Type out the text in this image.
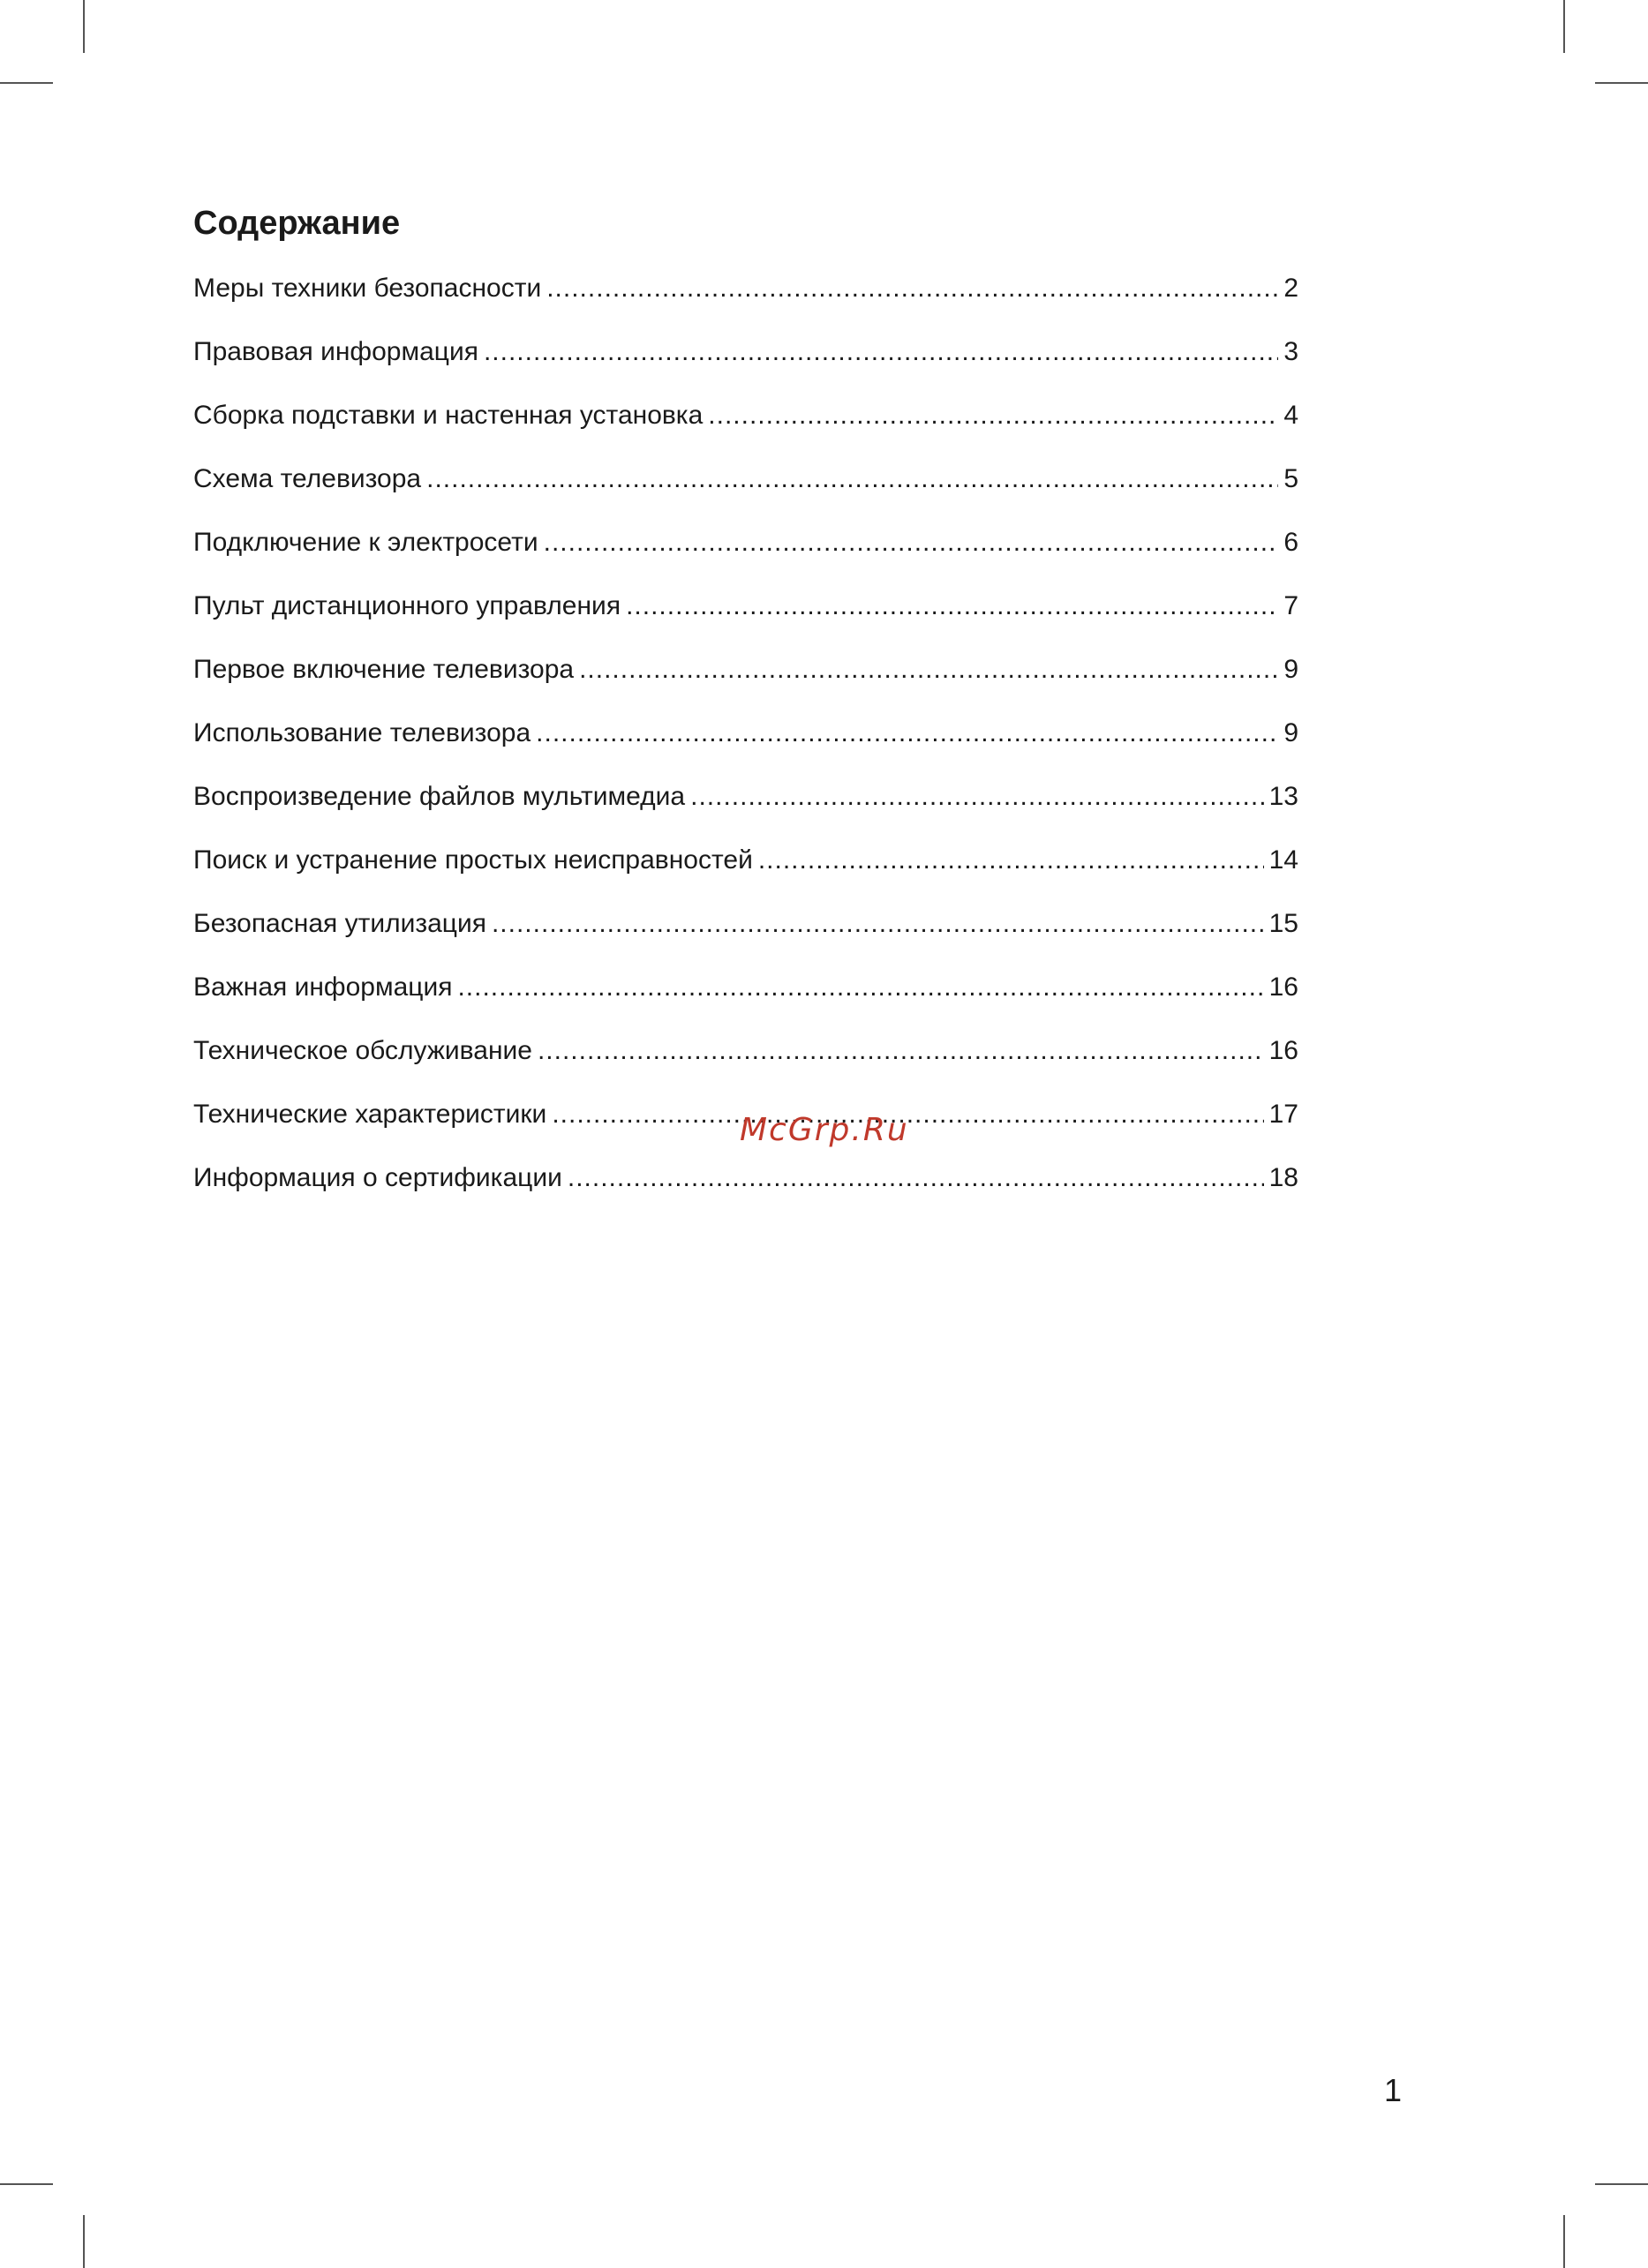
Содержание
Меры техники безопасности .....	2
Правовая информация .....	3
Сборка подставки и настенная установка .....	4
Схема телевизора .....	5
Подключение к электросети .....	6
Пульт дистанционного управления .....	7
Первое включение телевизора .....	9
Использование телевизора .....	9
Воспроизведение файлов мультимедиа .....	13
Поиск и устранение простых неисправностей .....	14
Безопасная утилизация .....	15
Важная информация .....	16
Техническое обслуживание .....	16
Технические характеристики .....	17
Информация о сертификации .....	18
McGrp.Ru
1
